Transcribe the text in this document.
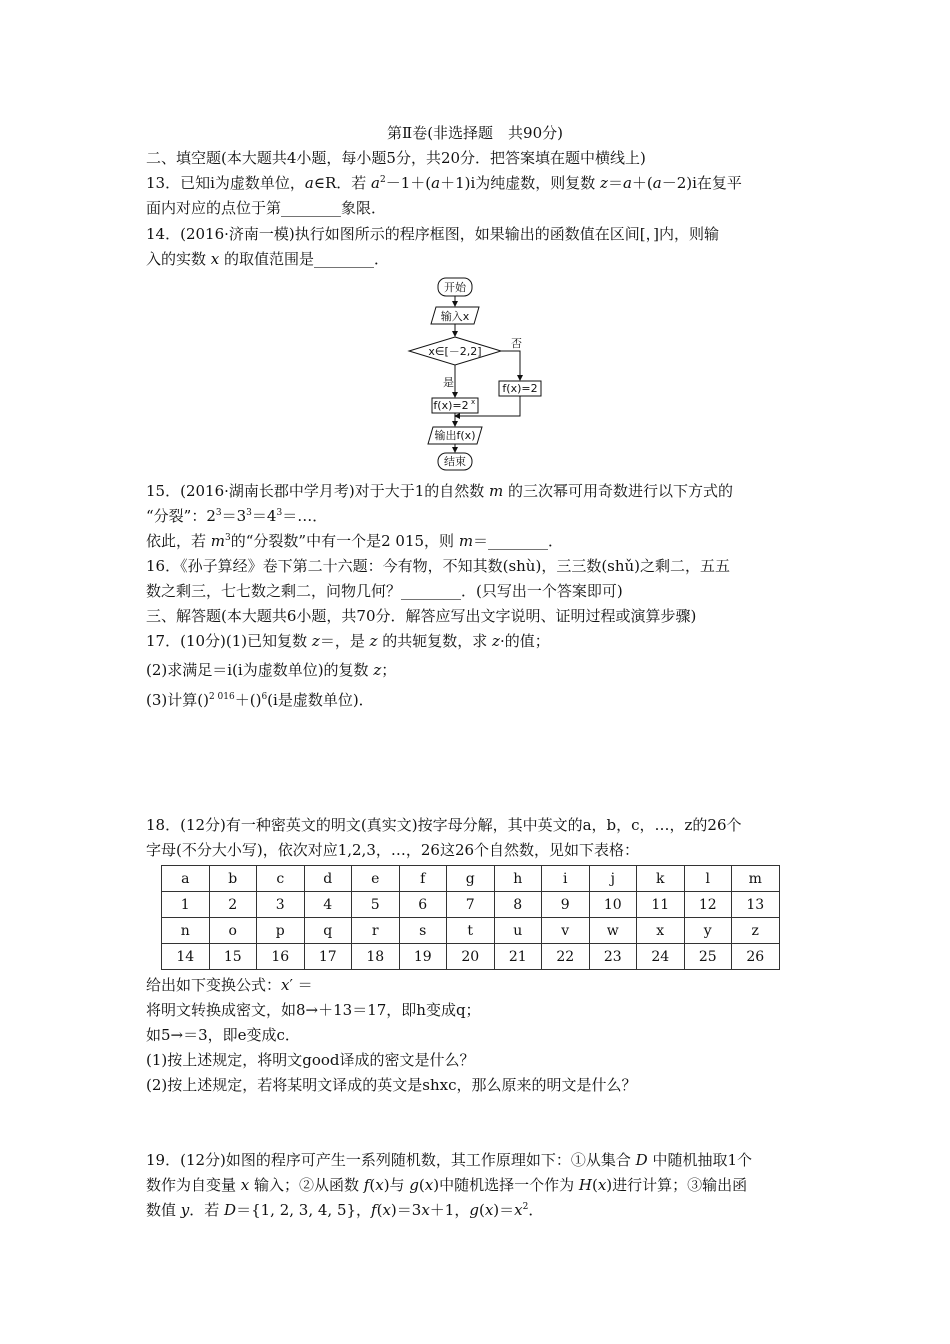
第Ⅱ卷(非选择题　共90分)
二、填空题(本大题共4小题，每小题5分，共20分．把答案填在题中横线上)
13．已知i为虚数单位，a∈R．若 $a^2-1+(a+1)i$为纯虚数，则复数 z＝a＋(a－2)i在复平
面内对应的点位于第________象限．
14．(2016·济南一模)执行如图所示的程序框图，如果输出的函数值在区间[，]内，则输
入的实数 x 的取值范围是________．
开始
输入x
x∈[－2,2]
否
f(x)=2
是
f(x)=2 x
输出f(x)
结束
15．(2016·湖南长郡中学月考)对于大于1的自然数 m 的三次幂可用奇数进行以下方式的
“分裂”：$2^3=3^3=4^3=\dots$．
依此，若 $m^3$的“分裂数”中有一个是2 015，则 m＝________．
16．《孙子算经》卷下第二十六题：今有物，不知其数(shù)，三三数(shǔ)之剩二，五五
数之剩三，七七数之剩二，问物几何？________．(只写出一个答案即可)
三、解答题(本大题共6小题，共70分．解答应写出文字说明、证明过程或演算步骤)
17．(10分)(1)已知复数 z＝，是 z 的共轭复数，求 z·的值；
(2)求满足＝i(i为虚数单位)的复数 z；
(3)计算()$^{2 016}$＋()$^6$(i是虚数单位)．
18．(12分)有一种密英文的明文(真实文)按字母分解，其中英文的a，b，c，…，z的26个
字母(不分大小写)，依次对应1,2,3，…，26这26个自然数，见如下表格：
a	b	c	d	e	f	g	h	i	j	k	l	m
1	2	3	4	5	6	7	8	9	10	11	12	13
n	o	p	q	r	s	t	u	v	w	x	y	z
14	15	16	17	18	19	20	21	22	23	24	25	26
给出如下变换公式：x′ ＝
将明文转换成密文，如8→＋13＝17，即h变成q；
如5→＝3，即e变成c．
(1)按上述规定，将明文good译成的密文是什么？
(2)按上述规定，若将某明文译成的英文是shxc，那么原来的明文是什么？
19．(12分)如图的程序可产生一系列随机数，其工作原理如下：①从集合 D 中随机抽取1个
数作为自变量 x 输入；②从函数 f(x)与 g(x)中随机选择一个作为 H(x)进行计算；③输出函
数值 y．若 D＝{1, 2, 3, 4, 5}，f(x)＝3x＋1，$g(x)=x^2$．
